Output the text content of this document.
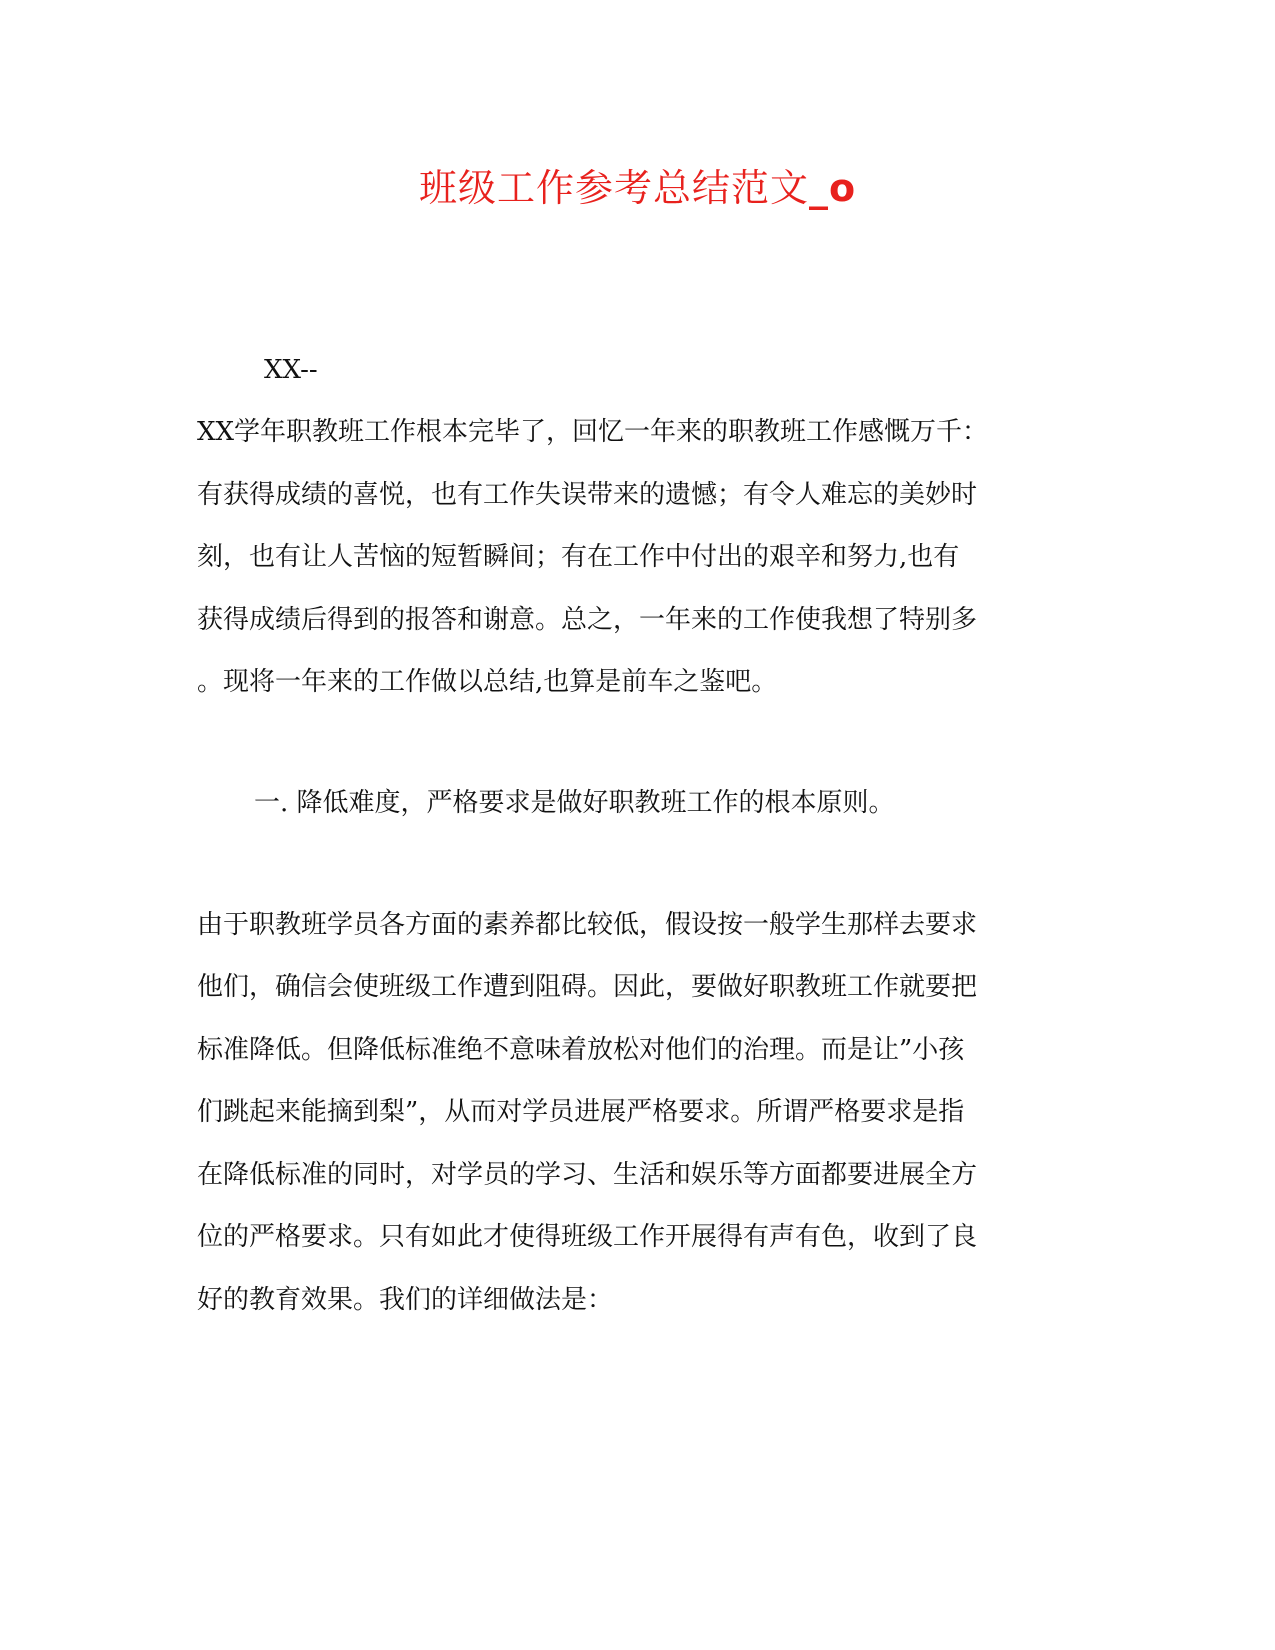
班级工作参考总结范文_o
XX--
XX学年职教班工作根本完毕了，回忆一年来的职教班工作感慨万千：
有获得成绩的喜悦，也有工作失误带来的遗憾；有令人难忘的美妙时
刻，也有让人苦恼的短暂瞬间；有在工作中付出的艰辛和努力,也有
获得成绩后得到的报答和谢意。总之，一年来的工作使我想了特别多
。现将一年来的工作做以总结,也算是前车之鉴吧。
一. 降低难度，严格要求是做好职教班工作的根本原则。
由于职教班学员各方面的素养都比较低，假设按一般学生那样去要求
他们，确信会使班级工作遭到阻碍。因此，要做好职教班工作就要把
标准降低。但降低标准绝不意味着放松对他们的治理。而是让”小孩
们跳起来能摘到梨”，从而对学员进展严格要求。所谓严格要求是指
在降低标准的同时，对学员的学习、生活和娱乐等方面都要进展全方
位的严格要求。只有如此才使得班级工作开展得有声有色，收到了良
好的教育效果。我们的详细做法是：
